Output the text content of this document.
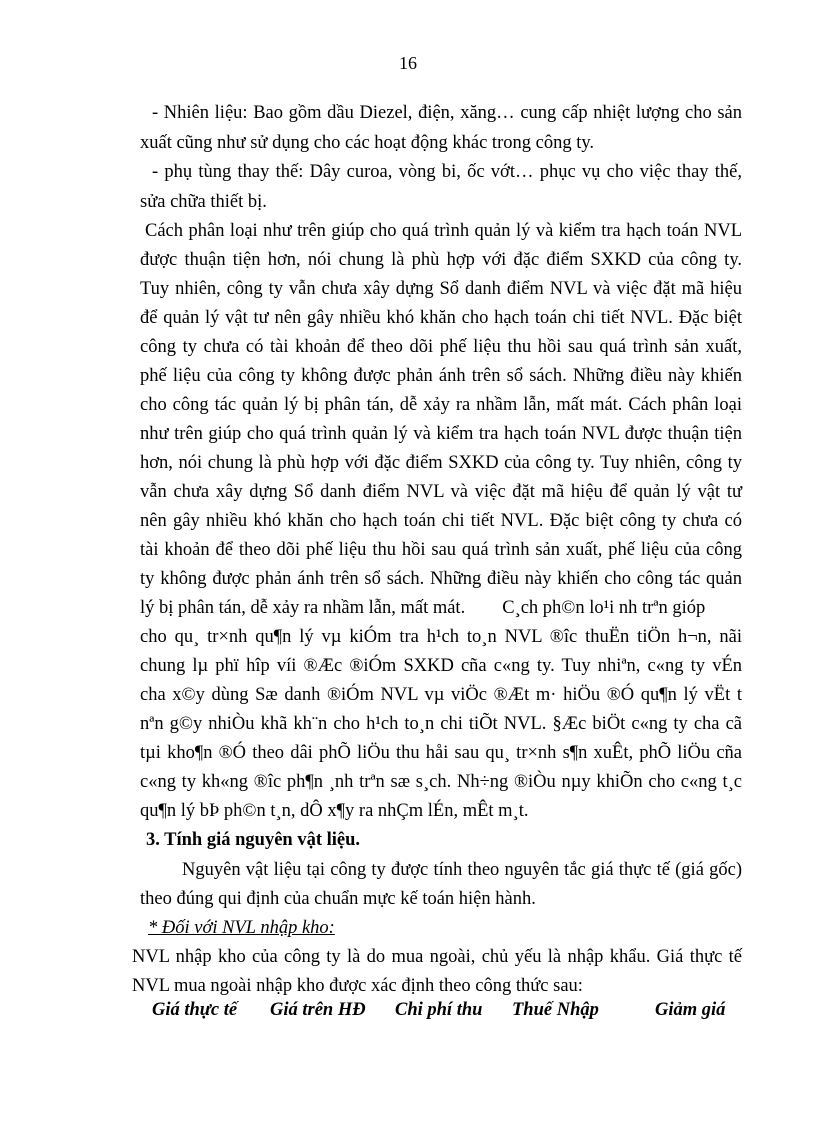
16
- Nhiên liệu: Bao gồm dầu Diezel, điện, xăng… cung cấp nhiệt lượng cho sản
xuất cũng như sử dụng cho các hoạt động khác trong công ty.
- phụ tùng thay thế: Dây curoa, vòng bi, ốc vớt… phục vụ cho việc thay thế,
sửa chữa thiết bị.
Cách phân loại như trên giúp cho quá trình quản lý và kiểm tra hạch toán NVL
được thuận tiện hơn, nói chung là phù hợp với đặc điểm SXKD của công ty.
Tuy nhiên, công ty vẫn chưa xây dựng Sổ danh điểm NVL và việc đặt mã hiệu
để quản lý vật tư nên gây nhiều khó khăn cho hạch toán chi tiết NVL. Đặc biệt
công ty chưa có tài khoản để theo dõi phế liệu thu hồi sau quá trình sản xuất,
phế liệu của công ty không được phản ánh trên sổ sách. Những điều này khiến
cho công tác quản lý bị phân tán, dễ xảy ra nhầm lẫn, mất mát. Cách phân loại
như trên giúp cho quá trình quản lý và kiểm tra hạch toán NVL được thuận tiện
hơn, nói chung là phù hợp với đặc điểm SXKD của công ty. Tuy nhiên, công ty
vẫn chưa xây dựng Sổ danh điểm NVL và việc đặt mã hiệu để quản lý vật tư
nên gây nhiều khó khăn cho hạch toán chi tiết NVL. Đặc biệt công ty chưa có
tài khoản để theo dõi phế liệu thu hồi sau quá trình sản xuất, phế liệu của công
ty không được phản ánh trên sổ sách. Những điều này khiến cho công tác quản
lý bị phân tán, dễ xảy ra nhầm lẫn, mất mát.        C¸ch ph©n lo¹i nh trªn gióp
cho qu¸ tr×nh qu¶n lý vµ kiÓm tra h¹ch to¸n NVL ®îc thuËn tiÖn h¬n, nãi
chung lµ phï hîp víi ®Æc ®iÓm SXKD cña c«ng ty. Tuy nhiªn, c«ng ty vÉn
cha x©y dùng Sæ danh ®iÓm NVL vµ viÖc ®Æt m· hiÖu ®Ó qu¶n lý vËt t
nªn g©y nhiÒu khã kh¨n cho h¹ch to¸n chi tiÕt NVL. §Æc biÖt c«ng ty cha cã
tµi kho¶n ®Ó theo dâi phÕ liÖu thu håi sau qu¸ tr×nh s¶n xuÊt, phÕ liÖu cña
c«ng ty kh«ng ®îc ph¶n ¸nh trªn sæ s¸ch. Nh÷ng ®iÒu nµy khiÕn cho c«ng t¸c
qu¶n lý bÞ ph©n t¸n, dÔ x¶y ra nhÇm lÉn, mÊt m¸t.
3. Tính giá nguyên vật liệu.
Nguyên vật liệu tại công ty được tính theo nguyên tắc giá thực tế (giá gốc)
theo đúng qui định của chuẩn mực kế toán hiện hành.
* Đối với NVL nhập kho:
NVL nhập kho của công ty là do mua ngoài, chủ yếu là nhập khẩu. Giá thực tế
NVL mua ngoài nhập kho được xác định theo công thức sau:
Giá thực tế Giá trên HĐ Chi phí thu Thuế Nhập	Giảm giá
